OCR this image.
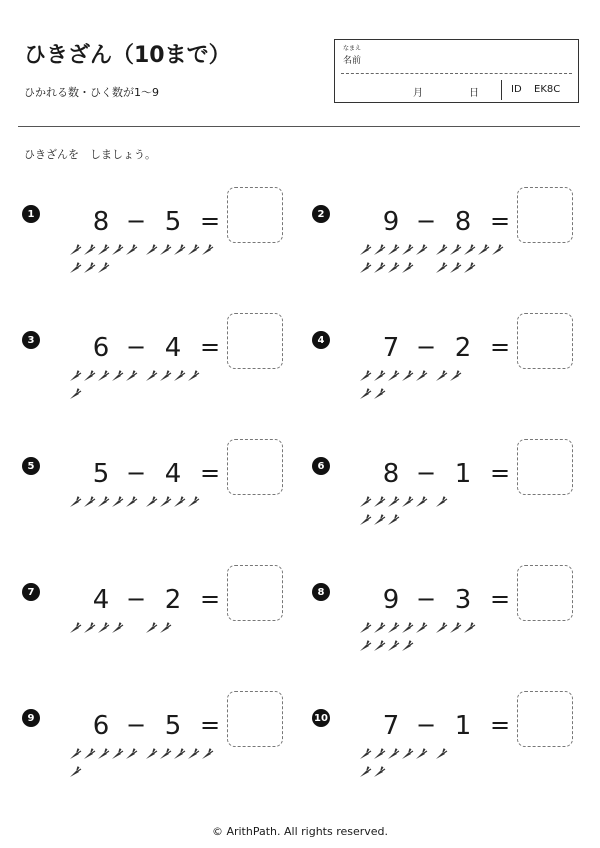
ひきざん（10まで）
ひかれる数・ひく数が1〜9
なまえ
名前
月	日	ID EK8C
ひきざんを　しましょう。
1 8 − 5 =	2 9 − 8 =
3 6 − 4 =	4 7 − 2 =
5 5 − 4 =	6 8 − 1 =
7 4 − 2 =	8 9 − 3 =
9 6 − 5 =	10 7 − 1 =
© ArithPath. All rights reserved.
